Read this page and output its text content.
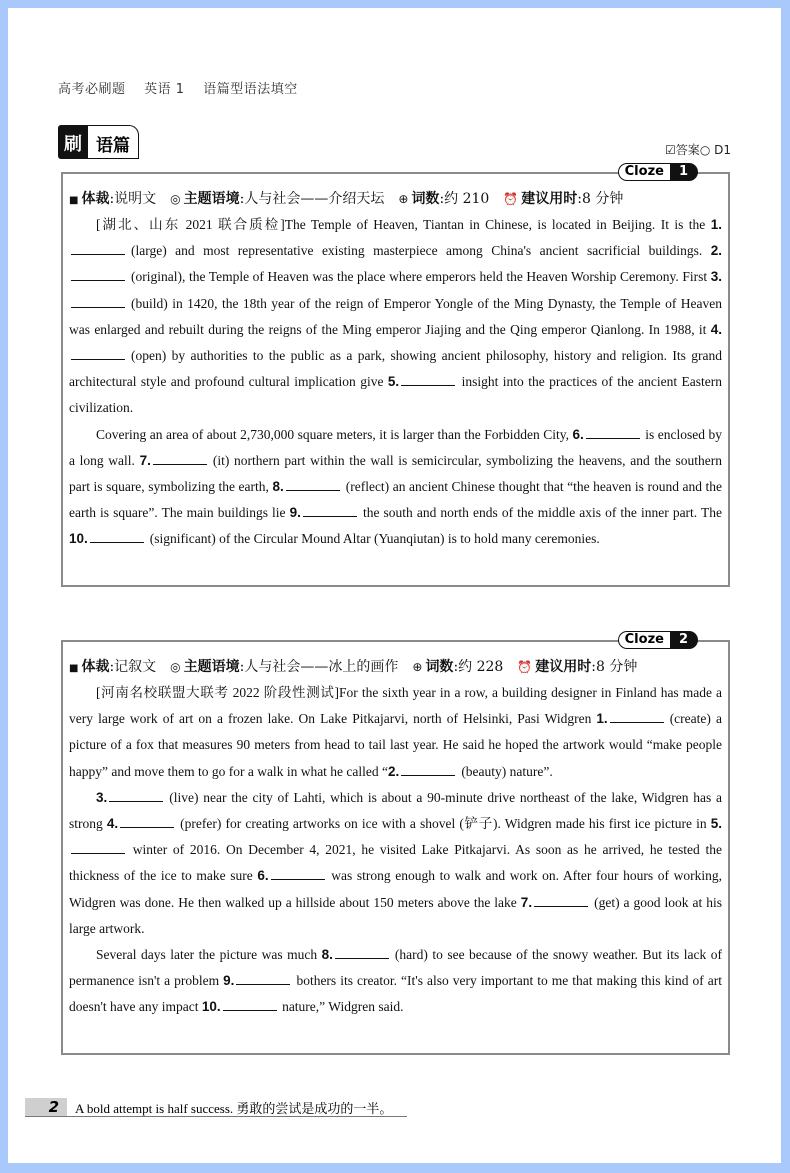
高考必刷题 英语 1 语篇型语法填空
刷 语篇	☑答案○ D1
Cloze	1
■ 体裁:说明文 ◎ 主题语境:人与社会——介绍天坛 ⊕ 词数:约 210 ⏰ 建议用时:8 分钟

[湖北、山东 2021 联合质检]The Temple of Heaven, Tiantan in Chinese, is located in Beijing. It is the 1.(large) and most representative existing masterpiece among China's ancient sacrificial buildings. 2.(original), the Temple of Heaven was the place where emperors held the Heaven Worship Ceremony. First 3.(build) in 1420, the 18th year of the reign of Emperor Yongle of the Ming Dynasty, the Temple of Heaven was enlarged and rebuilt during the reigns of the Ming emperor Jiajing and the Qing emperor Qianlong. In 1988, it 4.(open) by authorities to the public as a park, showing ancient philosophy, history and religion. Its grand architectural style and profound cultural implication give 5.	insight into the practices of the ancient Eastern civilization.

Covering an area of about 2,730,000 square meters, it is larger than the Forbidden City, 6.	is enclosed by a long wall. 7.	(it) northern part within the wall is semicircular, symbolizing the heavens, and the southern part is square, symbolizing the earth, 8.	(reflect) an ancient Chinese thought that “the heaven is round and the earth is square”. The main buildings lie 9.	the south and north ends of the middle axis of the inner part. The 10.	(significant) of the Circular Mound Altar (Yuanqiutan) is to hold many ceremonies.

Cloze	2
■ 体裁:记叙文 ◎ 主题语境:人与社会——冰上的画作 ⊕ 词数:约 228 ⏰ 建议用时:8 分钟

[河南名校联盟大联考 2022 阶段性测试]For the sixth year in a row, a building designer in Finland has made a very large work of art on a frozen lake. On Lake Pitkajarvi, north of Helsinki, Pasi Widgren 1.	(create) a picture of a fox that measures 90 meters from head to tail last year. He said he hoped the artwork would “make people happy” and move them to go for a walk in what he called “2.	(beauty) nature”.

3.	(live) near the city of Lahti, which is about a 90-minute drive northeast of the lake, Widgren has a strong 4.	(prefer) for creating artworks on ice with a shovel (铲子). Widgren made his first ice picture in 5. winter of 2016. On December 4, 2021, he visited Lake Pitkajarvi. As soon as he arrived, he tested the thickness of the ice to make sure 6.	was strong enough to walk and work on. After four hours of working, Widgren was done. He then walked up a hillside about 150 meters above the lake 7.	(get) a good look at his large artwork.

Several days later the picture was much 8.	(hard) to see because of the snowy weather. But its lack of permanence isn't a problem 9.	bothers its creator. “It's also very important to me that making this kind of art doesn't have any impact 10.	nature,” Widgren said.

2	A bold attempt is half success. 勇敢的尝试是成功的一半。
